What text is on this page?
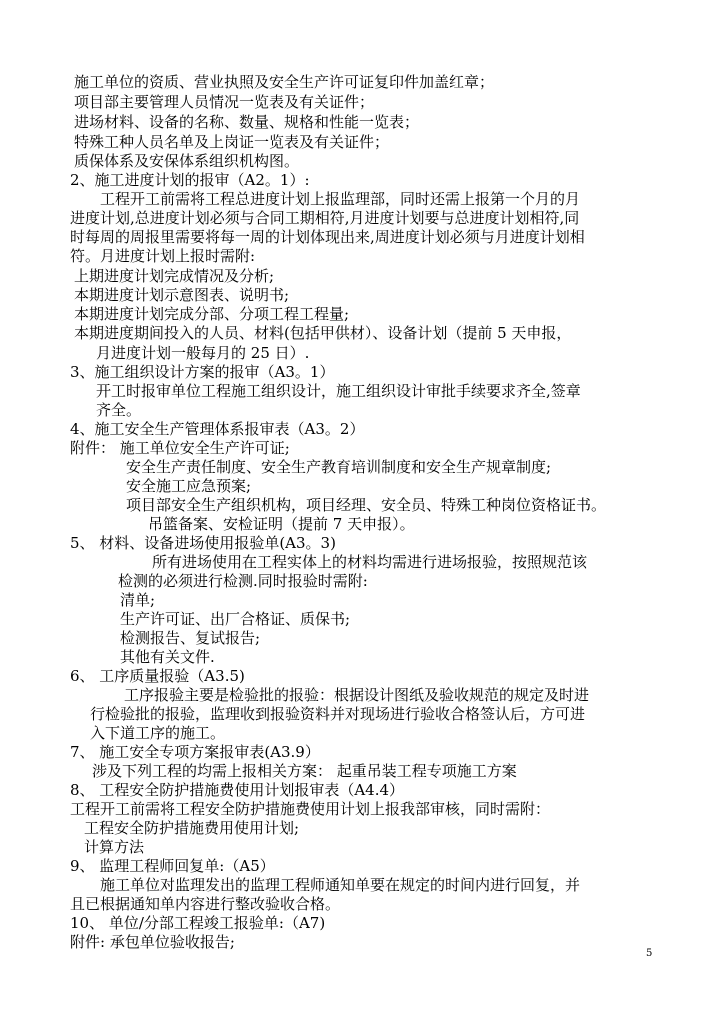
施工单位的资质、营业执照及安全生产许可证复印件加盖红章；
项目部主要管理人员情况一览表及有关证件；
进场材料、设备的名称、数量、规格和性能一览表；
特殊工种人员名单及上岗证一览表及有关证件；
质保体系及安保体系组织机构图。
2、施工进度计划的报审（A2。1）:
工程开工前需将工程总进度计划上报监理部，同时还需上报第一个月的月
进度计划,总进度计划必须与合同工期相符,月进度计划要与总进度计划相符,同
时每周的周报里需要将每一周的计划体现出来,周进度计划必须与月进度计划相
符。月进度计划上报时需附:
上期进度计划完成情况及分析;
本期进度计划示意图表、说明书;
本期进度计划完成分部、分项工程工程量;
本期进度期间投入的人员、材料(包括甲供材）、设备计划（提前 5 天申报，
月进度计划一般每月的 25 日）.
3、施工组织设计方案的报审（A3。1）
开工时报审单位工程施工组织设计，施工组织设计审批手续要求齐全,签章
齐全。
4、施工安全生产管理体系报审表（A3。2）
附件： 施工单位安全生产许可证;
安全生产责任制度、安全生产教育培训制度和安全生产规章制度;
安全施工应急预案;
项目部安全生产组织机构，项目经理、安全员、特殊工种岗位资格证书。
吊篮备案、安检证明（提前 7 天申报）。
5、 材料、设备进场使用报验单(A3。3)
所有进场使用在工程实体上的材料均需进行进场报验，按照规范该
检测的必须进行检测.同时报验时需附:
清单;
生产许可证、出厂合格证、质保书;
检测报告、复试报告;
其他有关文件.
6、 工序质量报验（A3.5)
工序报验主要是检验批的报验：根据设计图纸及验收规范的规定及时进
行检验批的报验，监理收到报验资料并对现场进行验收合格签认后，方可进
入下道工序的施工。
7、 施工安全专项方案报审表(A3.9）
涉及下列工程的均需上报相关方案： 起重吊装工程专项施工方案
8、 工程安全防护措施费使用计划报审表（A4.4）
工程开工前需将工程安全防护措施费使用计划上报我部审核，同时需附：
工程安全防护措施费用使用计划;
计算方法
9、 监理工程师回复单:（A5）
施工单位对监理发出的监理工程师通知单要在规定的时间内进行回复，并
且已根据通知单内容进行整改验收合格。
10、 单位/分部工程竣工报验单:（A7)
附件: 承包单位验收报告;
5
